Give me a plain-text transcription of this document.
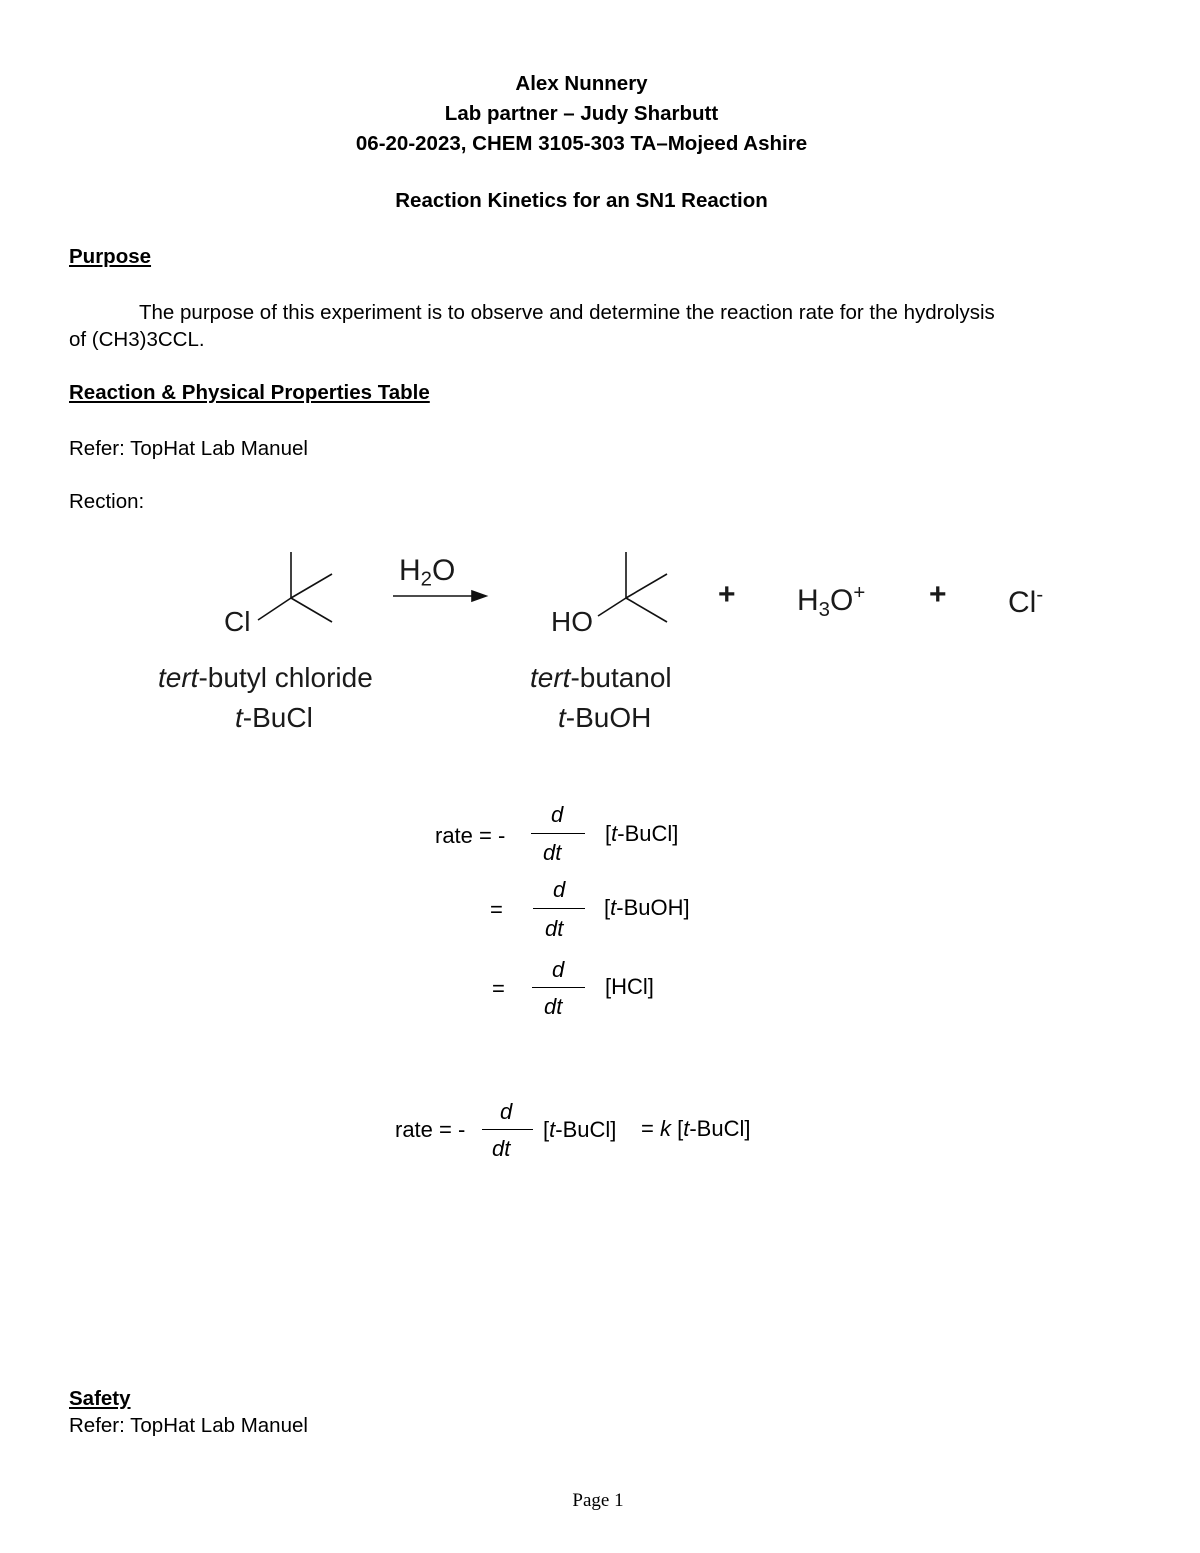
Alex Nunnery
Lab partner – Judy Sharbutt
06-20-2023, CHEM 3105-303 TA–Mojeed Ashire
Reaction Kinetics for an SN1 Reaction
Purpose
The purpose of this experiment is to observe and determine the reaction rate for the hydrolysis
of (CH3)3CCL.
Reaction & Physical Properties Table
Refer: TopHat Lab Manuel
Rection:
Cl
$H_2O$
HO
+ $H_3O^+ + Cl^-$
tert-butyl chloride
t-BuCl
tert-butanol
t-BuOH
rate = -
d
dt
[t-BuCl]
=
d
dt
[t-BuOH]
=
d
dt
[HCl]
rate = -
d
dt
[t-BuCl] = k [t-BuCl]
Safety
Refer: TopHat Lab Manuel
Page 1
